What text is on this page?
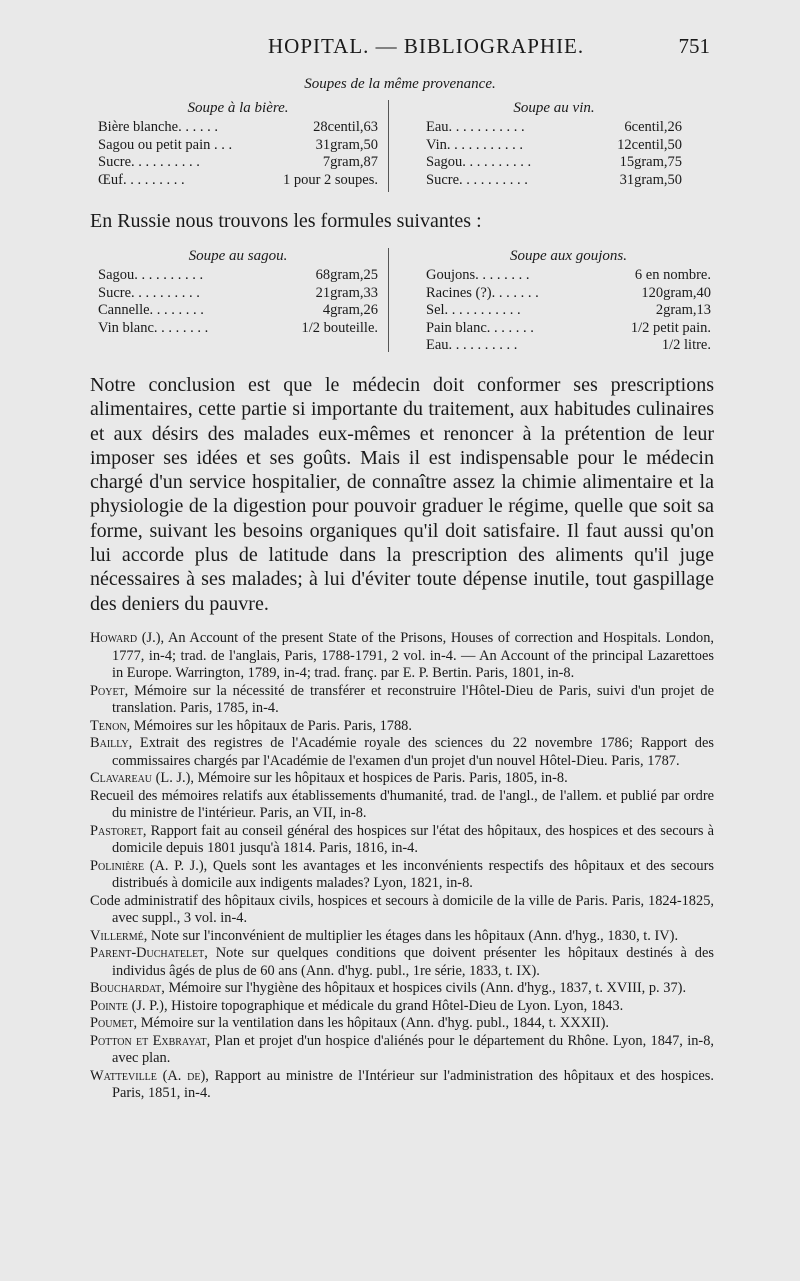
HOPITAL. — BIBLIOGRAPHIE.	751
Soupes de la même provenance.
Soupe à la bière.
Bière blanche. . . . . .	28centil,63
Sagou ou petit pain . . .	31gram,50
Sucre. . . . . . . . . .	7gram,87
Œuf. . . . . . . . .	1 pour 2 soupes.
Soupe au vin.
Eau. . . . . . . . . . .	6centil,26
Vin. . . . . . . . . . .	12centil,50
Sagou. . . . . . . . . .	15gram,75
Sucre. . . . . . . . . .	31gram,50
En Russie nous trouvons les formules suivantes :
Soupe au sagou.
Sagou. . . . . . . . . .	68gram,25
Sucre. . . . . . . . . .	21gram,33
Cannelle. . . . . . . .	4gram,26
Vin blanc. . . . . . . .	1/2 bouteille.
Soupe aux goujons.
Goujons. . . . . . . .	6 en nombre.
Racines (?). . . . . . .	120gram,40
Sel. . . . . . . . . . .	2gram,13
Pain blanc. . . . . . .	1/2 petit pain.
Eau. . . . . . . . . .	1/2 litre.

Notre conclusion est que le médecin doit conformer ses prescriptions alimentaires, cette partie si importante du traitement, aux habitudes culinaires et aux désirs des malades eux-mêmes et renoncer à la prétention de leur imposer ses idées et ses goûts. Mais il est indispensable pour le médecin chargé d'un service hospitalier, de connaître assez la chimie alimentaire et la physiologie de la digestion pour pouvoir graduer le régime, quelle que soit sa forme, suivant les besoins organiques qu'il doit satisfaire. Il faut aussi qu'on lui accorde plus de latitude dans la prescription des aliments qu'il juge nécessaires à ses malades; à lui d'éviter toute dépense inutile, tout gaspillage des deniers du pauvre.

Howard (J.), An Account of the present State of the Prisons, Houses of correction and Hospitals. London, 1777, in-4; trad. de l'anglais, Paris, 1788-1791, 2 vol. in-4. — An Account of the principal Lazarettoes in Europe. Warrington, 1789, in-4; trad. franç. par E. P. Bertin. Paris, 1801, in-8.

Poyet, Mémoire sur la nécessité de transférer et reconstruire l'Hôtel-Dieu de Paris, suivi d'un projet de translation. Paris, 1785, in-4.

Tenon, Mémoires sur les hôpitaux de Paris. Paris, 1788.

Bailly, Extrait des registres de l'Académie royale des sciences du 22 novembre 1786; Rapport des commissaires chargés par l'Académie de l'examen d'un projet d'un nouvel Hôtel-Dieu. Paris, 1787.

Clavareau (L. J.), Mémoire sur les hôpitaux et hospices de Paris. Paris, 1805, in-8.

Recueil des mémoires relatifs aux établissements d'humanité, trad. de l'angl., de l'allem. et publié par ordre du ministre de l'intérieur. Paris, an VII, in-8.

Pastoret, Rapport fait au conseil général des hospices sur l'état des hôpitaux, des hospices et des secours à domicile depuis 1801 jusqu'à 1814. Paris, 1816, in-4.

Polinière (A. P. J.), Quels sont les avantages et les inconvénients respectifs des hôpitaux et des secours distribués à domicile aux indigents malades? Lyon, 1821, in-8.

Code administratif des hôpitaux civils, hospices et secours à domicile de la ville de Paris. Paris, 1824-1825, avec suppl., 3 vol. in-4.

Villermé, Note sur l'inconvénient de multiplier les étages dans les hôpitaux (Ann. d'hyg., 1830, t. IV).

Parent-Duchatelet, Note sur quelques conditions que doivent présenter les hôpitaux destinés à des individus âgés de plus de 60 ans (Ann. d'hyg. publ., 1re série, 1833, t. IX).

Bouchardat, Mémoire sur l'hygiène des hôpitaux et hospices civils (Ann. d'hyg., 1837, t. XVIII, p. 37).

Pointe (J. P.), Histoire topographique et médicale du grand Hôtel-Dieu de Lyon. Lyon, 1843.

Poumet, Mémoire sur la ventilation dans les hôpitaux (Ann. d'hyg. publ., 1844, t. XXXII).

Potton et Exbrayat, Plan et projet d'un hospice d'aliénés pour le département du Rhône. Lyon, 1847, in-8, avec plan.

Watteville (A. de), Rapport au ministre de l'Intérieur sur l'administration des hôpitaux et des hospices. Paris, 1851, in-4.
